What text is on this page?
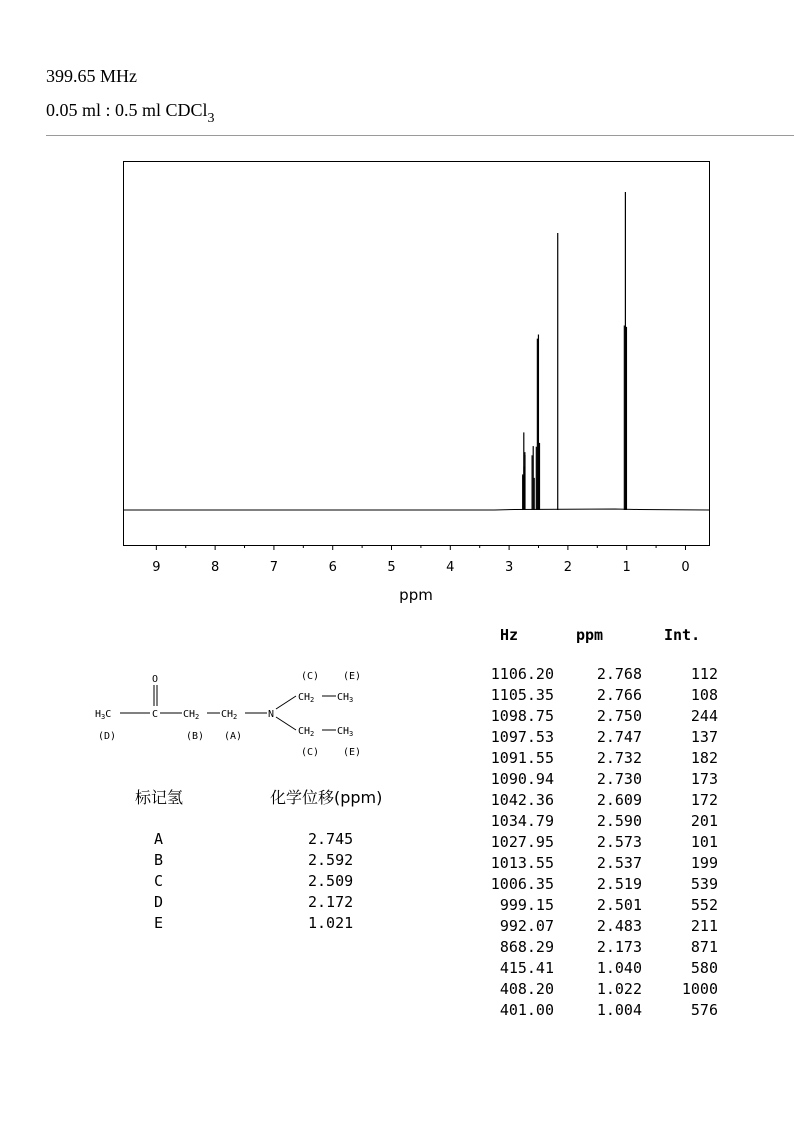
399.65 MHz
0.05 ml : 0.5 ml CDCl$_3$
9	8	7	6	5	4	3	2	1	0
ppm
Hz	ppm	Int.
1106.20	2.768	112
1105.35	2.766	108
1098.75	2.750	244
1097.53	2.747	137
1091.55	2.732	182
1090.94	2.730	173
1042.36	2.609	172
1034.79	2.590	201
1027.95	2.573	101
1013.55	2.537	199
1006.35	2.519	539
999.15	2.501	552
992.07	2.483	211
868.29	2.173	871
415.41	1.040	580
408.20	1.022	1000
401.00	1.004	576
O
$H_3C$	C $CH_2$ $CH_2$	N
$CH_2$ $CH_3$
$CH_2$ $CH_3$
(D)	(B) (A)
(C) (E)
(C) (E)
标记氢	化学位移(ppm)
A	2.745
B	2.592
C	2.509
D	2.172
E	1.021
